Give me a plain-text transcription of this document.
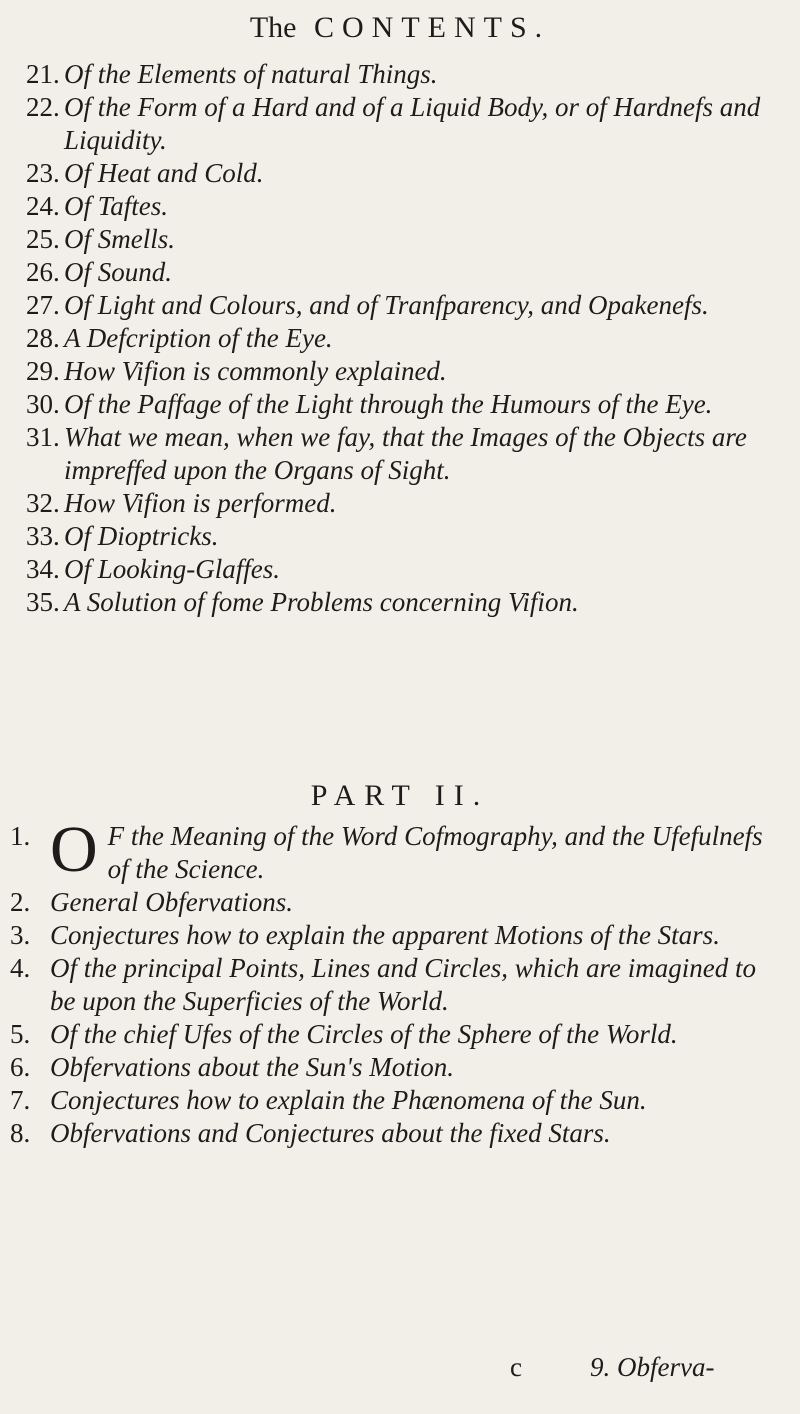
The CONTENTS.
21. Of the Elements of natural Things.
22. Of the Form of a Hard and of a Liquid Body, or of Hardnefs and Liquidity.
23. Of Heat and Cold.
24. Of Taftes.
25. Of Smells.
26. Of Sound.
27. Of Light and Colours, and of Tranfparency, and Opakenefs.
28. A Defcription of the Eye.
29. How Vifion is commonly explained.
30. Of the Paffage of the Light through the Humours of the Eye.
31. What we mean, when we fay, that the Images of the Objects are impreffed upon the Organs of Sight.
32. How Vifion is performed.
33. Of Dioptricks.
34. Of Looking-Glaffes.
35. A Solution of fome Problems concerning Vifion.
PART II.
1. O F the Meaning of the Word Cofmography, and the Ufefulnefs of the Science.
2. General Obfervations.
3. Conjectures how to explain the apparent Motions of the Stars.
4. Of the principal Points, Lines and Circles, which are imagined to be upon the Superficies of the World.
5. Of the chief Ufes of the Circles of the Sphere of the World.
6. Obfervations about the Sun's Motion.
7. Conjectures how to explain the Phænomena of the Sun.
8. Obfervations and Conjectures about the fixed Stars.
c	9. Obferva-
